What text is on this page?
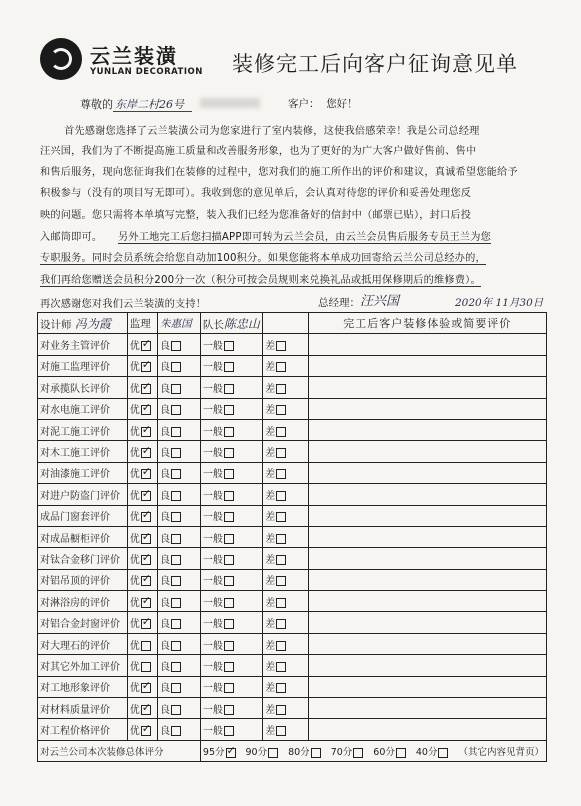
云兰装潢
YUNLAN DECORATION 装修完工后向客户征询意见单
尊敬的 东岸二村26号	客户： 您好！
首先感谢您选择了云兰装潢公司为您家进行了室内装修，这使我倍感荣幸！我是公司总经理
汪兴国，我们为了不断提高施工质量和改善服务形象，也为了更好的为广大客户做好售前、售中
和售后服务，现向您征询我们在装修的过程中，您对我们的施工所作出的评价和建议，真诚希望您能给予
积极参与（没有的项目写无即可）。我收到您的意见单后，会认真对待您的评价和妥善处理您反
映的问题。您只需将本单填写完整，装入我们已经为您准备好的信封中（邮票已贴），封口后投
入邮筒即可。 另外工地完工后您扫描APP即可转为云兰会员，由云兰会员售后服务专员王兰为您
专职服务。同时会员系统会给您自动加100积分。如果您能将本单成功回寄给云兰公司总经办的，
我们再给您赠送会员积分200分一次（积分可按会员规则来兑换礼品或抵用保修期后的维修费）。
再次感谢您对我们云兰装潢的支持！	总经理： 汪兴国	2020年 11月30日
设计师 冯为霞	监理	朱惠国	队长陈忠山		完工后客户装修体验或简要评价
对业务主管评价	优✓	良	一般	差	
对施工监理评价	优✓	良	一般	差	
对承揽队长评价	优✓	良	一般	差	
对水电施工评价	优✓	良	一般	差	
对泥工施工评价	优✓	良	一般	差	
对木工施工评价	优✓	良	一般	差	
对油漆施工评价	优✓	良	一般	差	
对进户防盗门评价	优✓	良	一般	差	
成品门窗套评价	优✓	良	一般	差	
对成品橱柜评价	优✓	良	一般	差	
对钛合金移门评价	优✓	良	一般	差	
对铝吊顶的评价	优✓	良	一般	差	
对淋浴房的评价	优✓	良	一般	差	
对铝合金封窗评价	优✓	良	一般	差	
对大理石的评价	优	良	一般	差	
对其它外加工评价	优	良	一般	差	
对工地形象评价	优✓	良	一般	差	
对材料质量评价	优✓	良	一般	差	
对工程价格评价	优✓	良	一般	差	
对云兰公司本次装修总体评分			95分 ✓ 90分 80分 70分 60分 40分 （其它内容见背页）
